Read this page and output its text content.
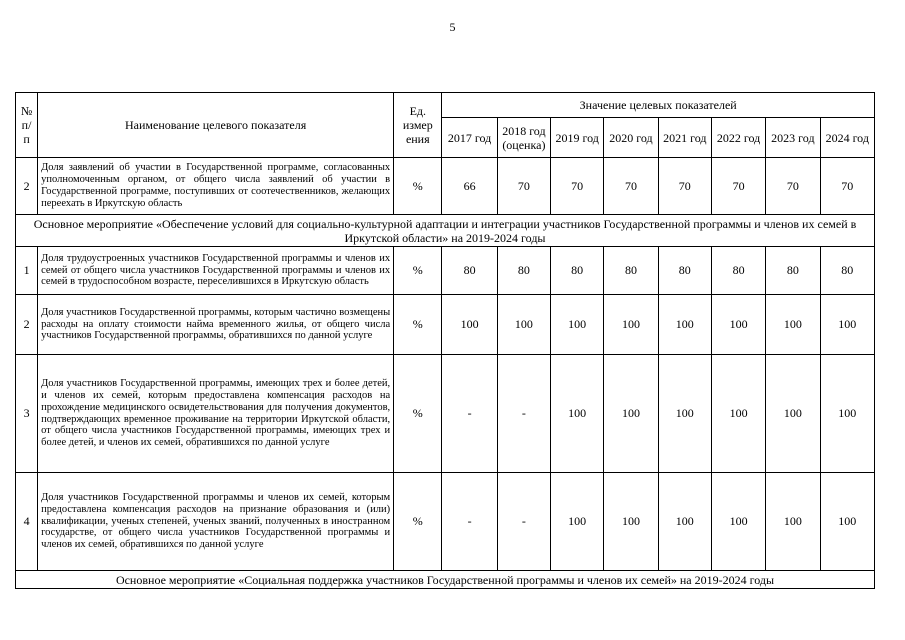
5
№ п/п	Наименование целевого показателя	Ед. измер ения	Значение целевых показателей							
			2017 год	2018 год (оценка)	2019 год	2020 год	2021 год	2022 год	2023 год	2024 год
2	Доля заявлений об участии в Государственной программе, согласованных уполномоченным органом, от общего числа заявлений об участии в Государственной программе, поступивших от соотечественников, желающих переехать в Иркутскую область	%	66	70	70	70	70	70	70	70
Основное мероприятие «Обеспечение условий для социально-культурной адаптации и интеграции участников Государственной программы и членов их семей в Иркутской области» на 2019-2024 годы										
1	Доля трудоустроенных участников Государственной программы и членов их семей от общего числа участников Государственной программы и членов их семей в трудоспособном возрасте, переселившихся в Иркутскую область	%	80	80	80	80	80	80	80	80
2	Доля участников Государственной программы, которым частично возмещены расходы на оплату стоимости найма временного жилья, от общего числа участников Государственной программы, обратившихся по данной услуге	%	100	100	100	100	100	100	100	100
3	Доля участников Государственной программы, имеющих трех и более детей, и членов их семей, которым предоставлена компенсация расходов на прохождение медицинского освидетельствования для получения документов, подтверждающих временное проживание на территории Иркутской области, от общего числа участников Государственной программы, имеющих трех и более детей, и членов их семей, обратившихся по данной услуге	%	-	-	100	100	100	100	100	100
4	Доля участников Государственной программы и членов их семей, которым предоставлена компенсация расходов на признание образования и (или) квалификации, ученых степеней, ученых званий, полученных в иностранном государстве, от общего числа участников Государственной программы и членов их семей, обратившихся по данной услуге	%	-	-	100	100	100	100	100	100
Основное мероприятие «Социальная поддержка участников Государственной программы и членов их семей» на 2019-2024 годы										
